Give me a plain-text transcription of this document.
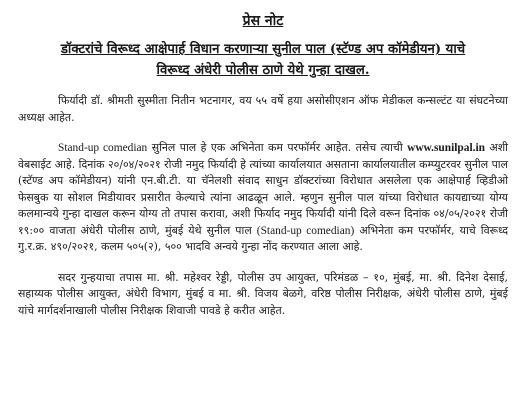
प्रेस नोट
डॉक्टरांचे विरूध्द आक्षेपार्ह विधान करणाऱ्या सुनील पाल (स्टॅण्ड अप कॉमेडीयन) याचे
विरूध्द अंधेरी पोलीस ठाणे येथे गुन्हा दाखल.

फिर्यादी डॉ. श्रीमती सुस्मीता नितीन भटनागर, वय ५५ वर्षे हया असोसीएशन ऑफ मेडीकल कन्सल्टंट या संघटनेच्या अध्यक्ष आहेत.

Stand-up comedian सुनिल पाल हे एक अभिनेता कम परफॉर्मर आहेत. तसेच त्याची www.sunilpal.in अशी वेबसाईट आहे. दिनांक २०/०४/२०२१ रोजी नमुद फिर्यादी हे त्यांच्या कार्यालयात असताना कार्यालयातील कम्प्युटरवर सुनील पाल (स्टॅण्ड अप कॉमेडीयन) यांनी एन.बी.टी. या चॅनेलशी संवाद साधुन डॉक्टरांच्या विरोधात असलेला एक आक्षेपार्ह व्हिडीओ फेसबुक या सोशल मिडीयावर प्रसारीत केल्याचे त्यांना आढळून आले. म्हणुन सुनील पाल यांच्या विरोधात कायद्याच्या योग्य कलमान्वये गुन्हा दाखल करून योग्य तो तपास करावा, अशी फिर्याद नमुद फिर्यादी यांनी दिले वरून दिनांक ०४/०५/२०२१ रोजी १९:०० वाजता अंधेरी पोलीस ठाणे, मुंबई येथे सुनील पाल (Stand-up comedian) अभिनेता कम परफॉर्मर, याचे विरूध्द गु.र.क्र. ४९०/२०२१, कलम ५०५(२), ५०० भादवि अन्वये गुन्हा नोंद करण्यात आला आहे.

सदर गुन्हयाचा तपास मा. श्री. महेश्वर रेड्डी, पोलीस उप आयुक्त, परिमंडळ – १०, मुंबई, मा. श्री. दिनेश देसाई, सहाय्यक पोलीस आयुक्त, अंधेरी विभाग, मुंबई व मा. श्री. विजय बेळगे, वरिष्ठ पोलीस निरीक्षक, अंधेरी पोलीस ठाणे, मुंबई यांचे मार्गदर्शनाखाली पोलीस निरीक्षक शिवाजी पावडे हे करीत आहेत.
